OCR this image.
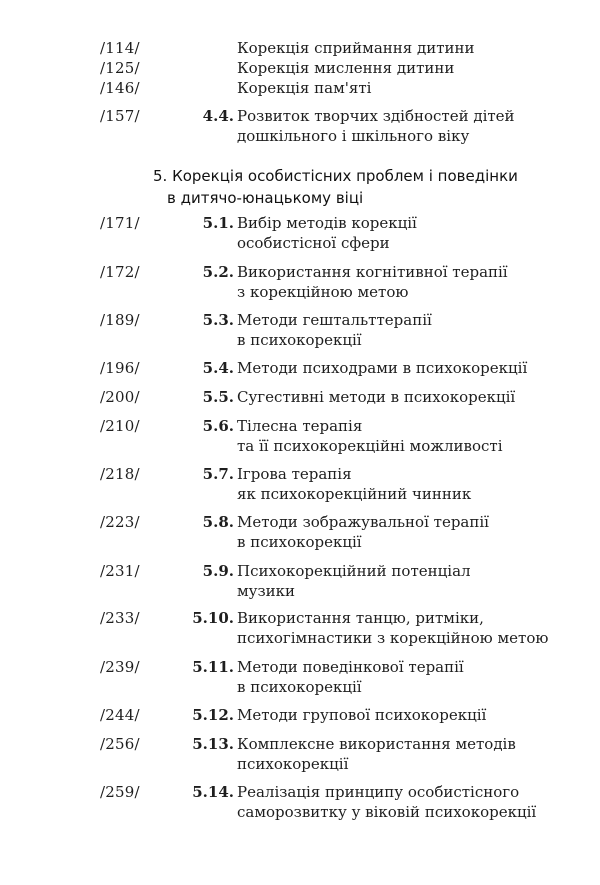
/114/	Корекція сприймання дитини
/125/	Корекція мислення дитини
/146/	Корекція пам'яті
/157/	4.4. Розвиток творчих здібностей дітей
дошкільного і шкільного віку
5. Корекція особистісних проблем і поведінки
в дитячо-юнацькому віці
/171/	5.1. Вибір методів корекції
особистісної сфери
/172/	5.2. Використання когнітивної терапії
з корекційною метою
/189/	5.3. Методи гештальттерапії
в психокорекції
/196/	5.4. Методи психодрами в психокорекції
/200/	5.5. Сугестивні методи в психокорекції
/210/	5.6. Тілесна терапія
та її психокорекційні можливості
/218/	5.7. Ігрова терапія
як психокорекційний чинник
/223/	5.8. Методи зображувальної терапії
в психокорекції
/231/	5.9. Психокорекційний потенціал
музики
/233/	5.10. Використання танцю, ритміки,
психогімнастики з корекційною метою
/239/	5.11. Методи поведінкової терапії
в психокорекції
/244/	5.12. Методи групової психокорекції
/256/	5.13. Комплексне використання методів
психокорекції
/259/	5.14. Реалізація принципу особистісного
саморозвитку у віковій психокорекції
